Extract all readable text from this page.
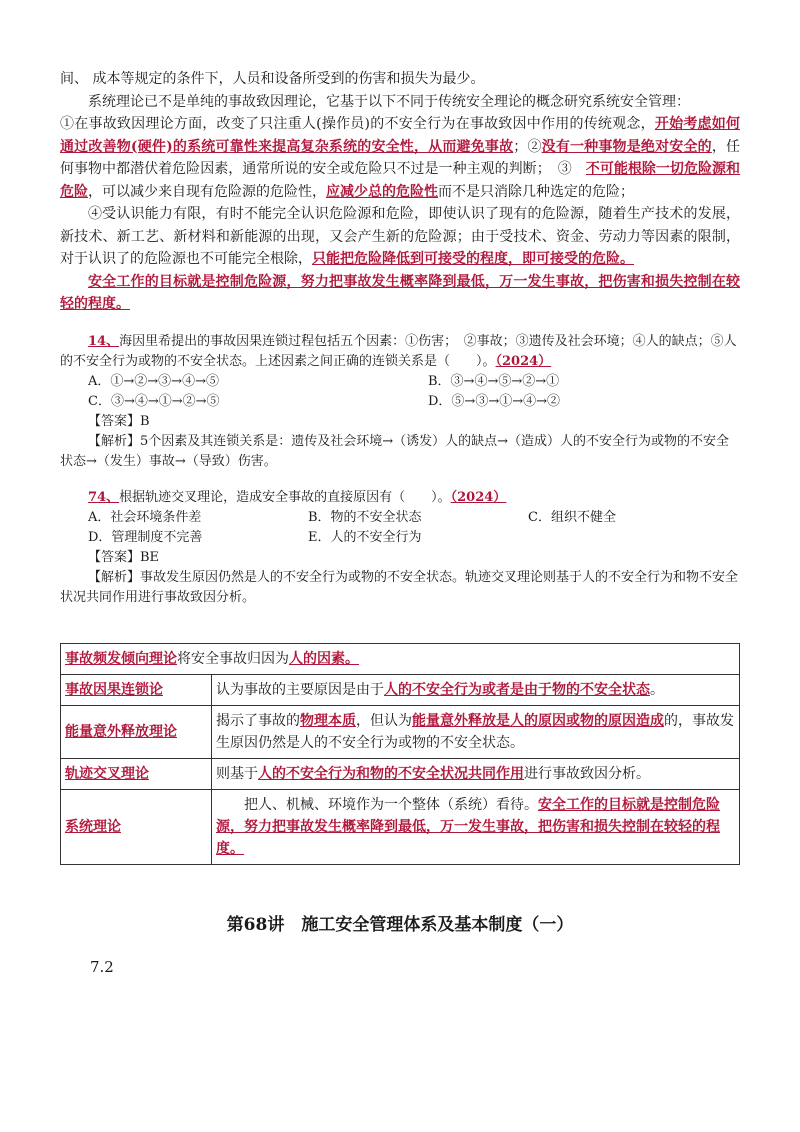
间、 成本等规定的条件下，人员和设备所受到的伤害和损失为最少。

系统理论已不是单纯的事故致因理论，它基于以下不同于传统安全理论的概念研究系统安全管理：

①在事故致因理论方面，改变了只注重人(操作员)的不安全行为在事故致因中作用的传统观念，开始考虑如何通过改善物(硬件)的系统可靠性来提高复杂系统的安全性，从而避免事故；②没有一种事物是绝对安全的，任何事物中都潜伏着危险因素，通常所说的安全或危险只不过是一种主观的判断；　③　不可能根除一切危险源和危险，可以减少来自现有危险源的危险性，应减少总的危险性而不是只消除几种选定的危险；

④受认识能力有限，有时不能完全认识危险源和危险，即使认识了现有的危险源，随着生产技术的发展，新技术、新工艺、新材料和新能源的出现，又会产生新的危险源；由于受技术、资金、劳动力等因素的限制，对于认识了的危险源也不可能完全根除，只能把危险降低到可接受的程度，即可接受的危险。

安全工作的目标就是控制危险源，努力把事故发生概率降到最低，万一发生事故，把伤害和损失控制在较轻的程度。

14、海因里希提出的事故因果连锁过程包括五个因素：①伤害；　②事故；③遗传及社会环境；④人的缺点；⑤人的不安全行为或物的不安全状态。上述因素之间正确的连锁关系是（　　）。（2024）

A．①→②→③→④→⑤	B．③→④→⑤→②→①
C．③→④→①→②→⑤	D．⑤→③→①→④→②

【答案】B

【解析】5个因素及其连锁关系是：遗传及社会环境→（诱发）人的缺点→（造成）人的不安全行为或物的不安全状态→（发生）事故→（导致）伤害。

74、根据轨迹交叉理论，造成安全事故的直接原因有（　　）。（2024）

A．社会环境条件差	B．物的不安全状态	C．组织不健全
D．管理制度不完善	E．人的不安全行为

【答案】BE

【解析】事故发生原因仍然是人的不安全行为或物的不安全状态。轨迹交叉理论则基于人的不安全行为和物不安全状况共同作用进行事故致因分析。

事故频发倾向理论将安全事故归因为人的因素。	
事故因果连锁论	认为事故的主要原因是由于人的不安全行为或者是由于物的不安全状态。
能量意外释放理论	揭示了事故的物理本质，但认为能量意外释放是人的原因或物的原因造成的，事故发生原因仍然是人的不安全行为或物的不安全状态。
轨迹交叉理论	则基于人的不安全行为和物的不安全状况共同作用进行事故致因分析。
系统理论	把人、机械、环境作为一个整体（系统）看待。安全工作的目标就是控制危险源，努力把事故发生概率降到最低，万一发生事故，把伤害和损失控制在较轻的程度。
第68讲　施工安全管理体系及基本制度（一）
7.2
